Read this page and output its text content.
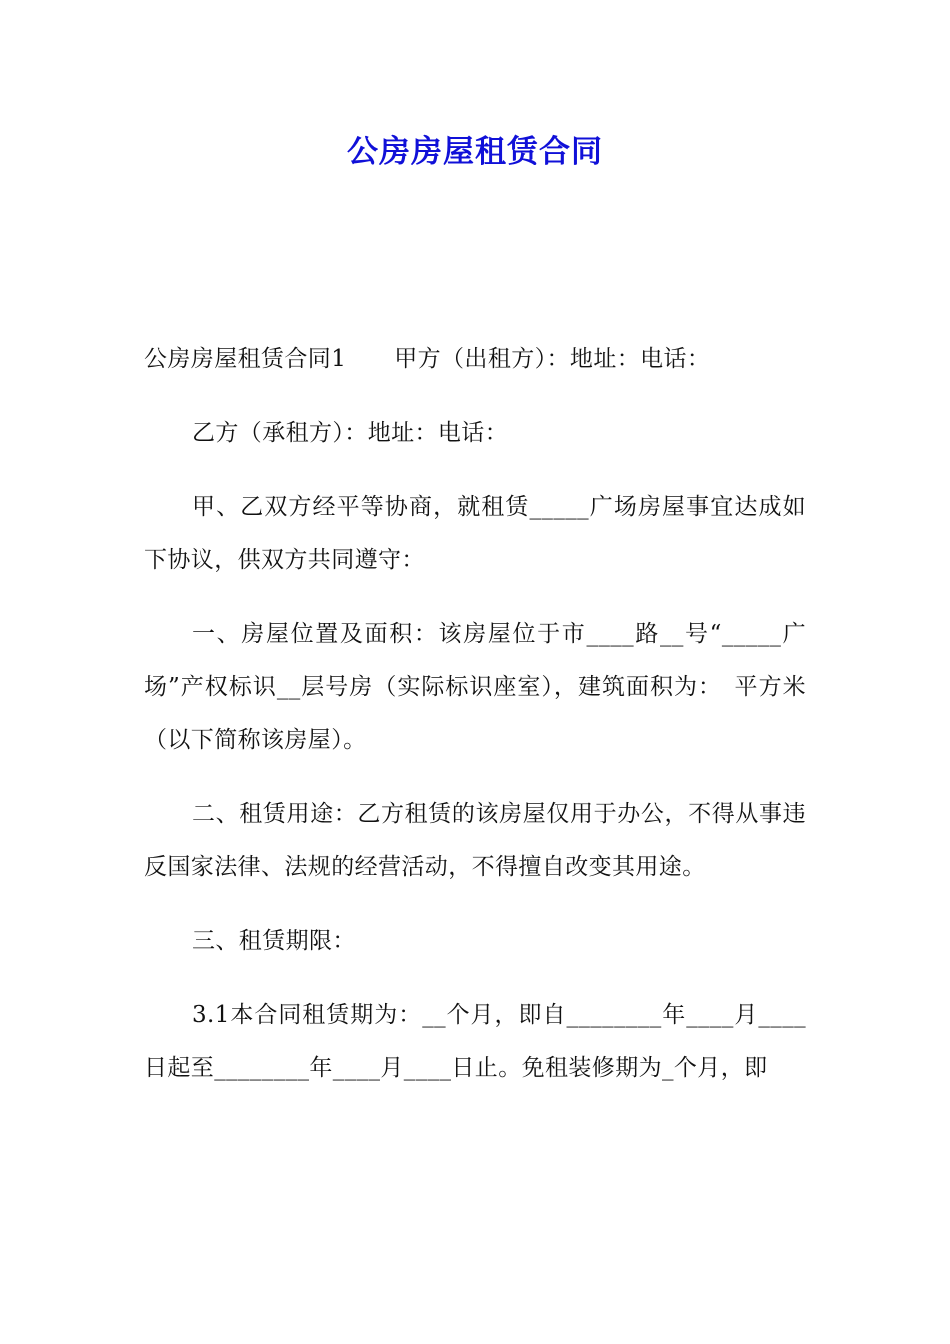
公房房屋租赁合同

公房房屋租赁合同1 甲方（出租方）：地址：电话：

乙方（承租方）：地址：电话：

甲、乙双方经平等协商，就租赁_____广场房屋事宜达成如下协议，供双方共同遵守：

一、房屋位置及面积：该房屋位于市____路__号“_____广场”产权标识__层号房（实际标识座室），建筑面积为：　平方米（以下简称该房屋）。

二、租赁用途：乙方租赁的该房屋仅用于办公，不得从事违反国家法律、法规的经营活动，不得擅自改变其用途。

三、租赁期限：

3.1本合同租赁期为：__个月，即自________年____月____日起至________年____月____日止。免租装修期为_个月，即
